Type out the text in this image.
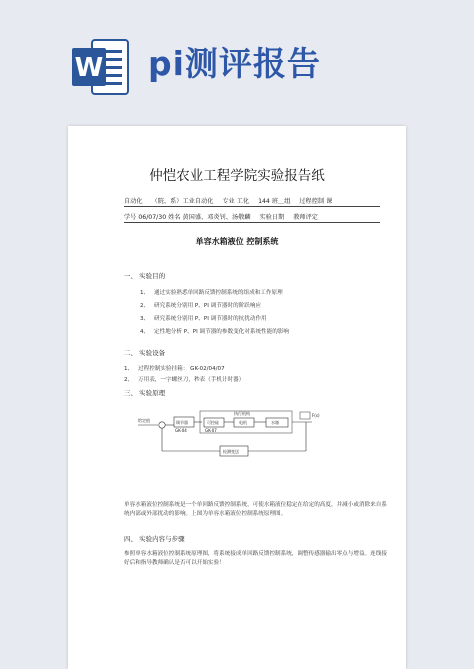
W pi测评报告
仲恺农业工程学院实验报告纸
自动化 （院、系）工业自动化 专业 工化 144 班＿组 过程控制 课
学号 06/07/30 姓名 黄国盛、邓炎钊、汤敬麟 实验日期 教师评定
单容水箱液位 控制系统
一、 实验目的
1、 通过实验熟悉单回路反馈控制系统的组成和工作原理
2、 研究系统分别用 P、PI 调节器时的阶跃响应
3、 研究系统分别用 P、PI 调节器时的抗扰动作用
4、 定性地分析 P、PI 调节器的参数变化对系统性能的影响
二、 实验设备
1、 过程控制实验挂箱： GK-02/04/07
2、 万用表，一字螺丝刀，秒表（手机计时器）
三、 实验原理
给定值	调节器
GK-04
执行机构
可控硅
GK-07
电机	水箱
F(s)
检测变送
单容水箱液位控制系统是一个单回路反馈控制系统，可使水箱液位稳定在给定的高度，并减小或消除来自系统内部或外部扰动的影响。上图为单容水箱液位控制系统原理图。
四、 实验内容与步骤
参照单容水箱液位控制系统原理图，将系统接成单回路反馈控制系统，调整传感器输出零点与增益。连线接好后和指导教师确认是否可以开始实验！
